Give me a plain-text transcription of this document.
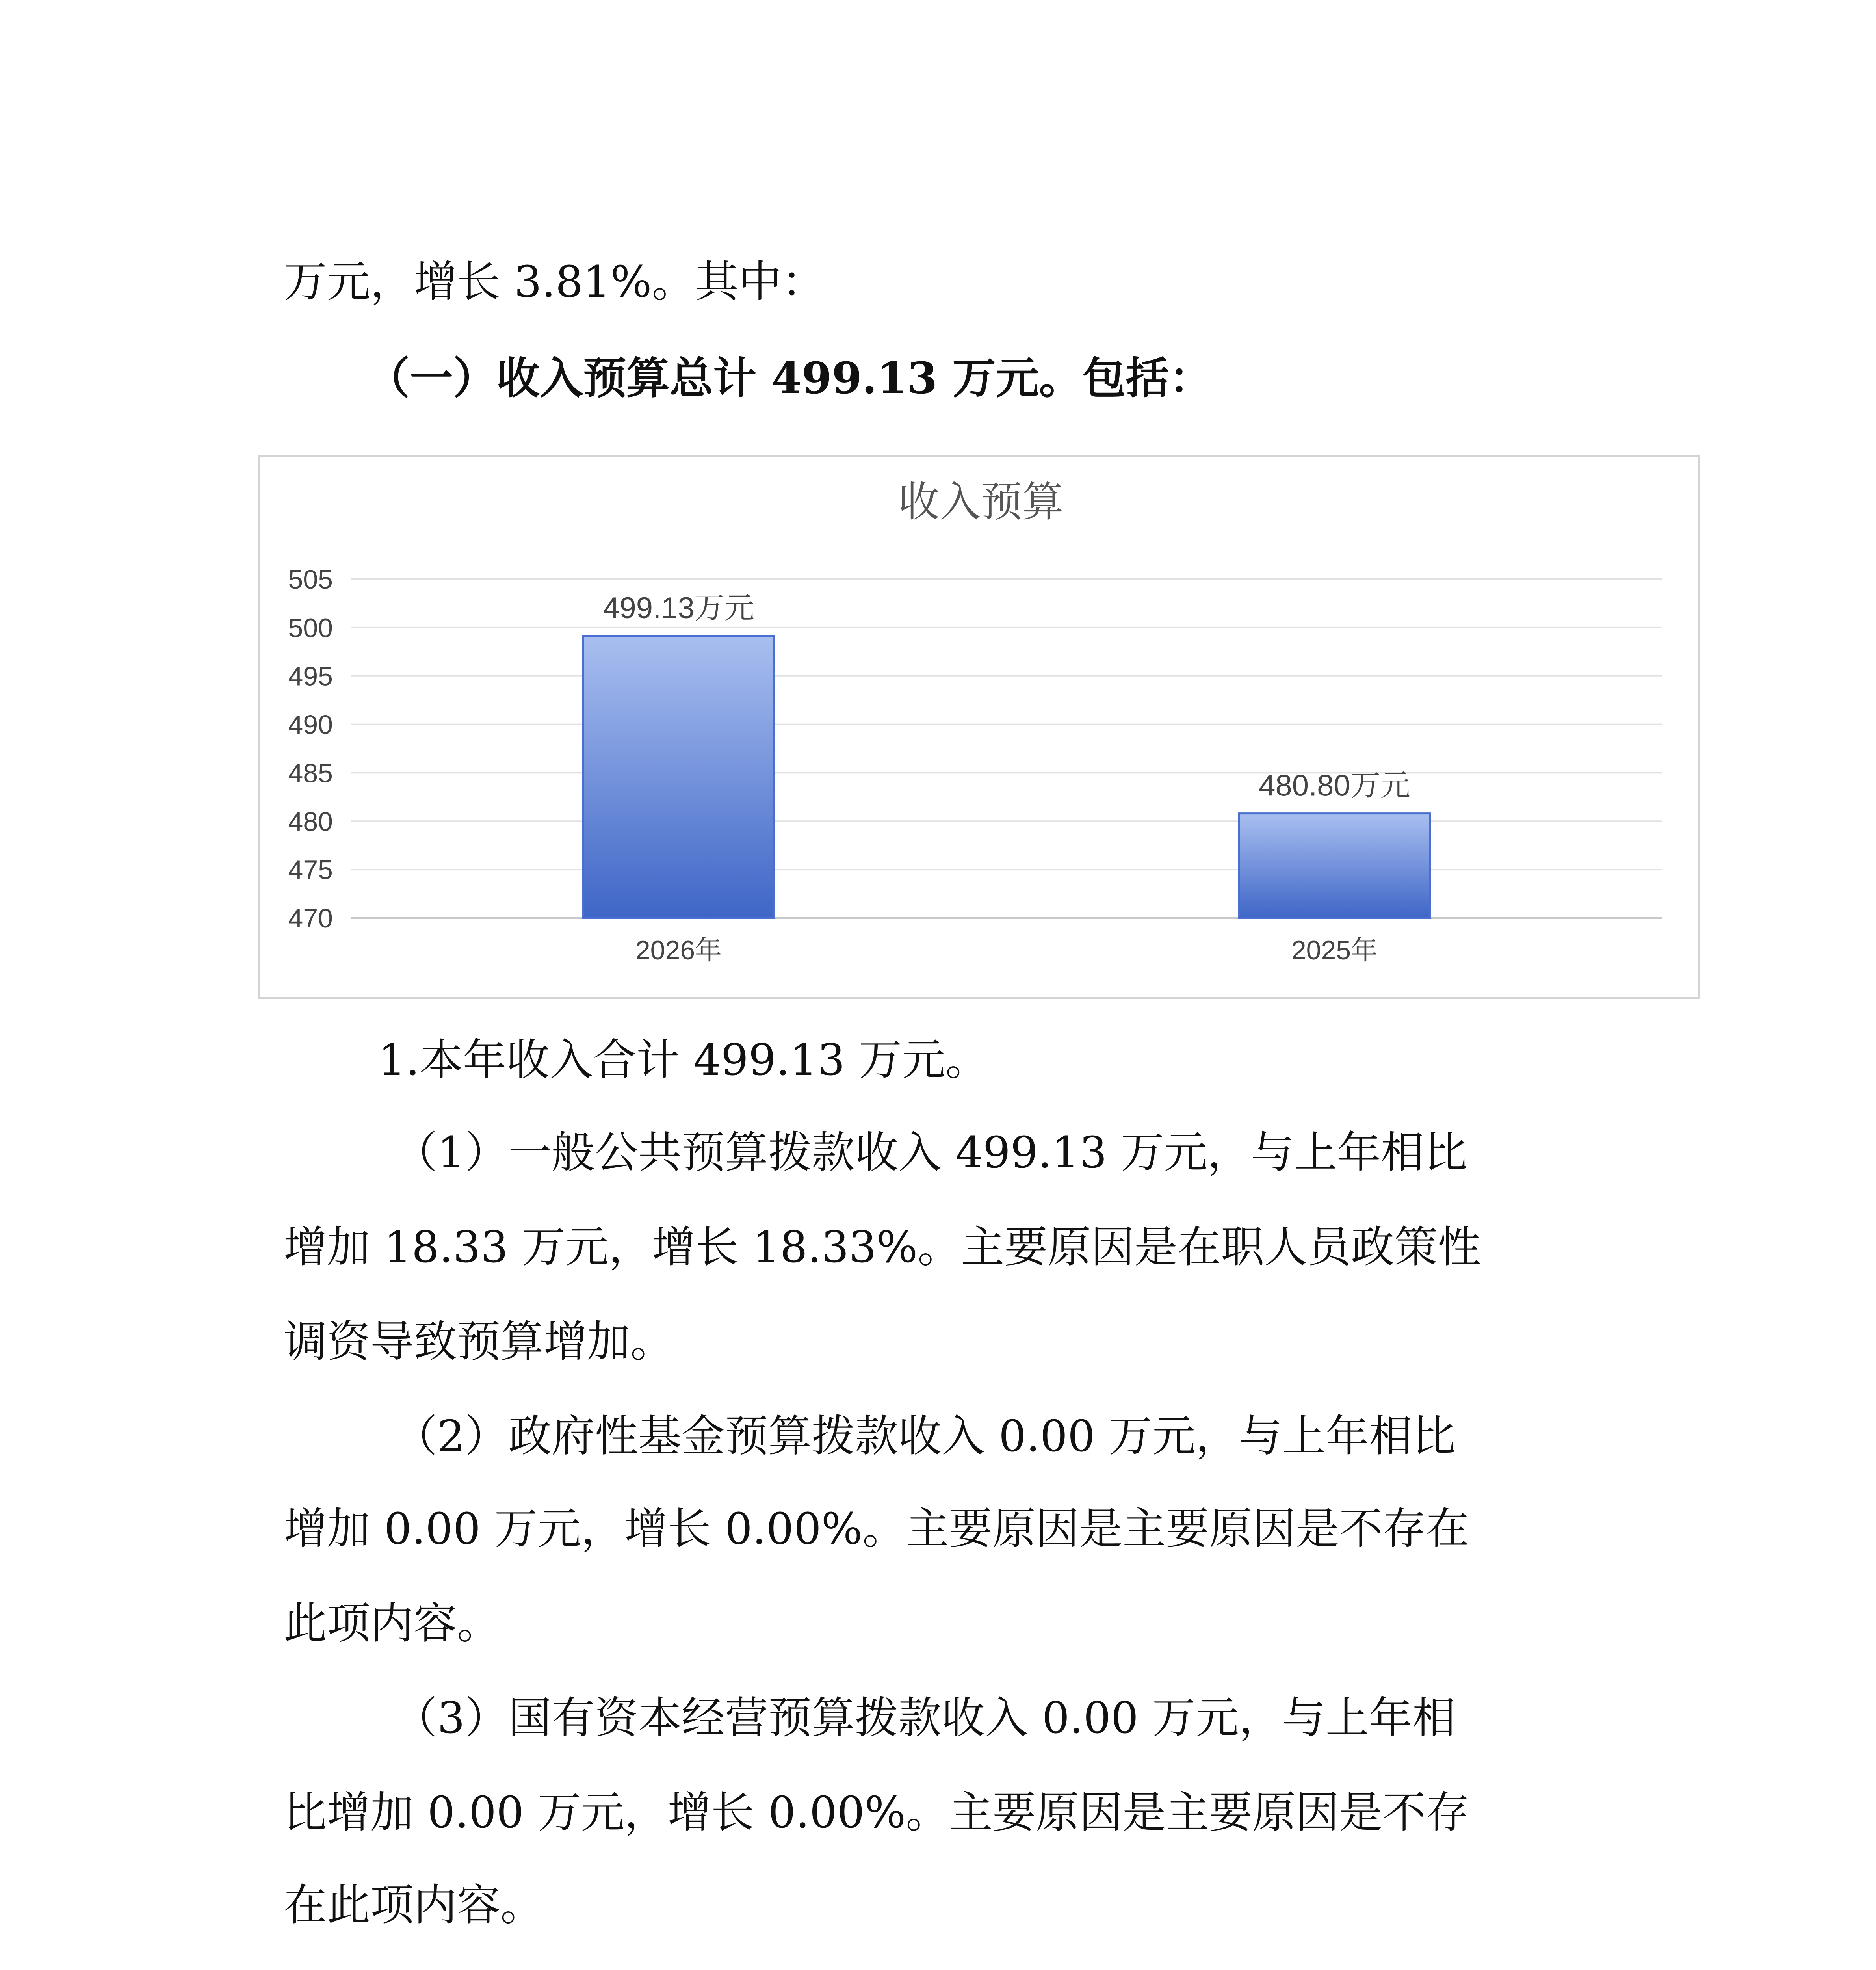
万元，增长 3.81%。其中：
（一）收入预算总计 499.13 万元。包括：
收入预算
470
475
480
485
490
495
500
505
499.13万元
2026年
480.80万元
2025年
1.本年收入合计 499.13 万元。
（1）一般公共预算拨款收入 499.13 万元，与上年相比
增加 18.33 万元，增长 18.33%。主要原因是在职人员政策性
调资导致预算增加。
（2）政府性基金预算拨款收入 0.00 万元，与上年相比
增加 0.00 万元，增长 0.00%。主要原因是主要原因是不存在
此项内容。
（3）国有资本经营预算拨款收入 0.00 万元，与上年相
比增加 0.00 万元，增长 0.00%。主要原因是主要原因是不存
在此项内容。
